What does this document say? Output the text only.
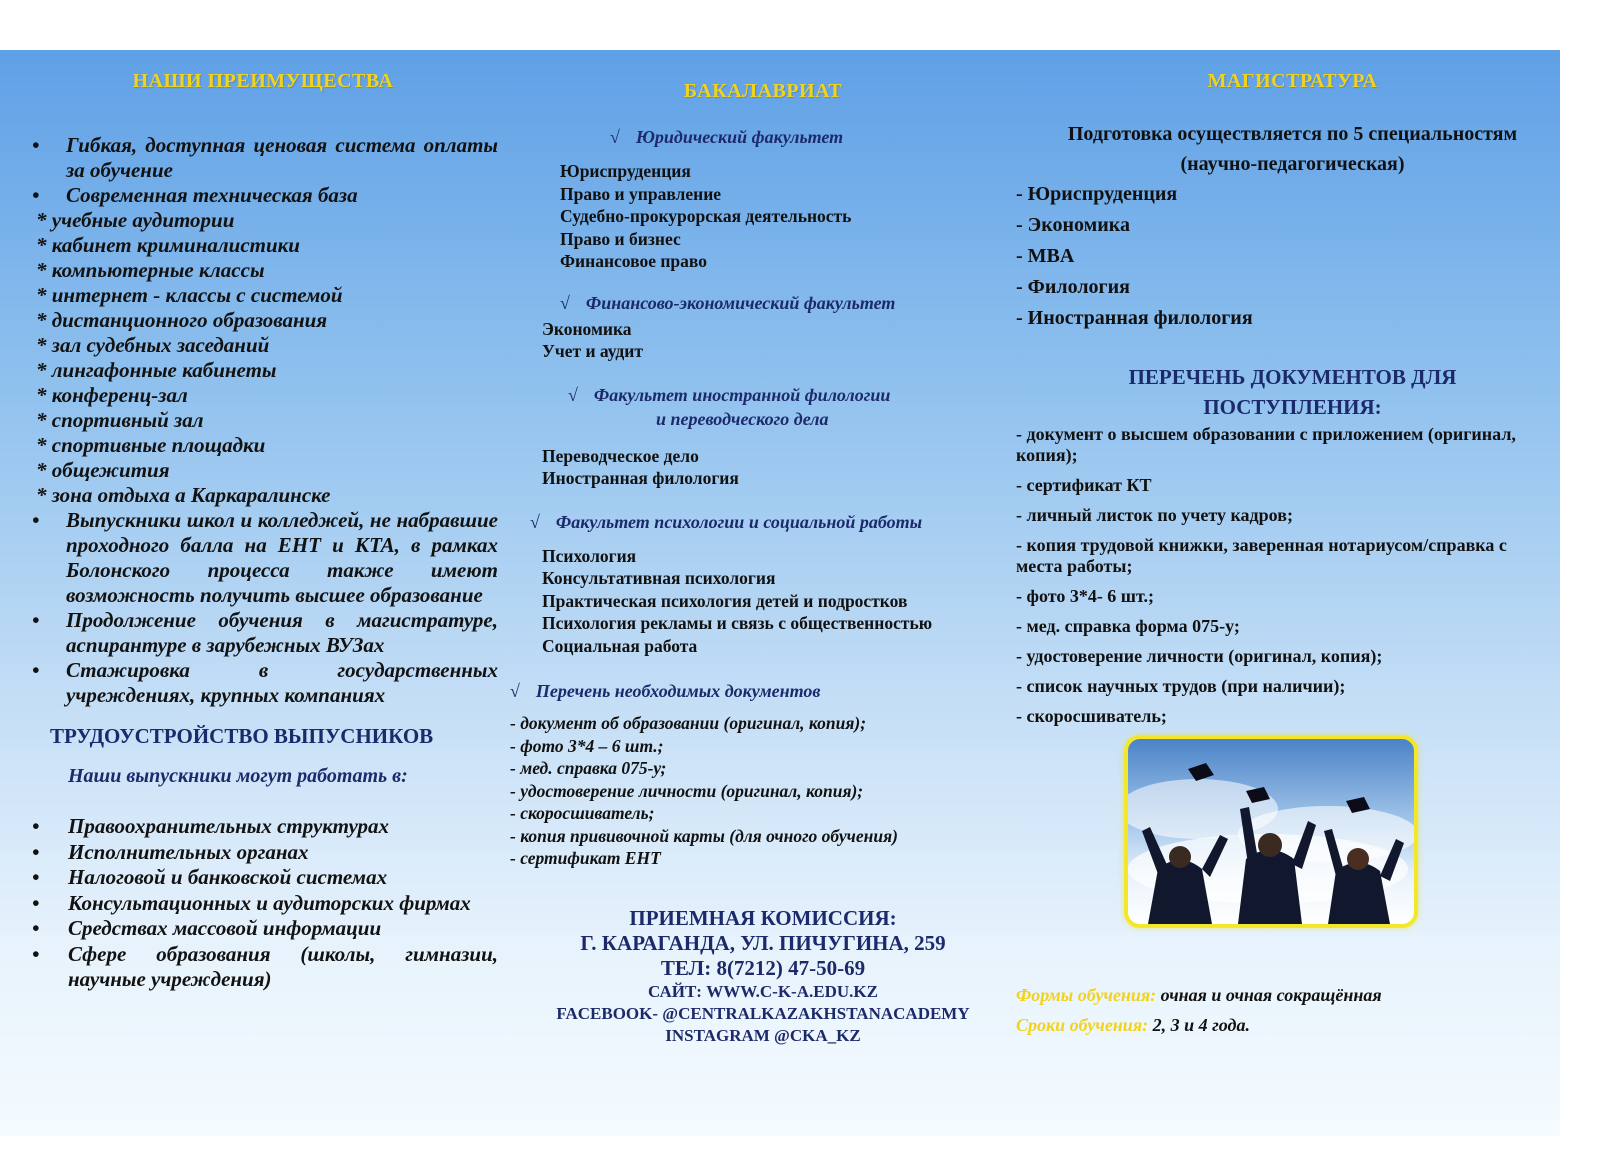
НАШИ ПРЕИМУЩЕСТВА
• Гибкая, доступная ценовая система оплаты за обучение
• Современная техническая база
* учебные аудитории
* кабинет криминалистики
* компьютерные классы
* интернет - классы с системой
* дистанционного образования
* зал судебных заседаний
* лингафонные кабинеты
* конференц-зал
* спортивный зал
* спортивные площадки
* общежития
* зона отдыха а Каркаралинске
• Выпускники школ и колледжей, не набравшие проходного балла на ЕНТ и КТА, в рамках Болонского процесса также имеют возможность получить высшее образование
• Продолжение обучения в магистратуре, аспирантуре в зарубежных ВУЗах
• Стажировка в государственных учреждениях, крупных компаниях
ТРУДОУСТРОЙСТВО ВЫПУСНИКОВ
Наши выпускники могут работать в:
• Правоохранительных структурах
• Исполнительных органах
• Налоговой и банковской системах
• Консультационных и аудиторских фирмах
• Средствах массовой информации
• Сфере образования (школы, гимназии, научные учреждения)
БАКАЛАВРИАТ
√ Юридический факультет
Юриспруденция
Право и управление
Судебно-прокурорская деятельность
Право и бизнес
Финансовое право
√ Финансово-экономический факультет
Экономика
Учет и аудит
√ Факультет иностранной филологии
и переводческого дела
Переводческое дело
Иностранная филология
√ Факультет психологии и социальной работы
Психология
Консультативная психология
Практическая психология детей и подростков
Психология рекламы и связь с общественностью
Социальная работа
√ Перечень необходимых документов
- документ об образовании (оригинал, копия);
- фото 3*4 – 6 шт.;
- мед. справка 075-у;
- удостоверение личности (оригинал, копия);
- скоросшиватель;
- копия прививочной карты (для очного обучения)
- сертификат ЕНТ
ПРИЕМНАЯ КОМИССИЯ:
Г. КАРАГАНДА, УЛ. ПИЧУГИНА, 259
ТЕЛ: 8(7212) 47-50-69
САЙТ: WWW.C-K-A.EDU.KZ
FACEBOOK- @CENTRALKAZAKHSTANACADEMY
INSTAGRAM @CKA_KZ
МАГИСТРАТУРА
Подготовка осуществляется по 5 специальностям
(научно-педагогическая)
- Юриспруденция
- Экономика
- MBA
- Филология
- Иностранная филология
ПЕРЕЧЕНЬ ДОКУМЕНТОВ ДЛЯ
ПОСТУПЛЕНИЯ:
- документ о высшем образовании с приложением (оригинал, копия);
- сертификат КТ
- личный листок по учету кадров;
- копия трудовой книжки, заверенная нотариусом/справка с места работы;
- фото 3*4- 6 шт.;
- мед. справка форма 075-у;
- удостоверение личности (оригинал, копия);
- список научных трудов (при наличии);
- скоросшиватель;
Формы обучения: очная и очная сокращённая
Сроки обучения: 2, 3 и 4 года.
